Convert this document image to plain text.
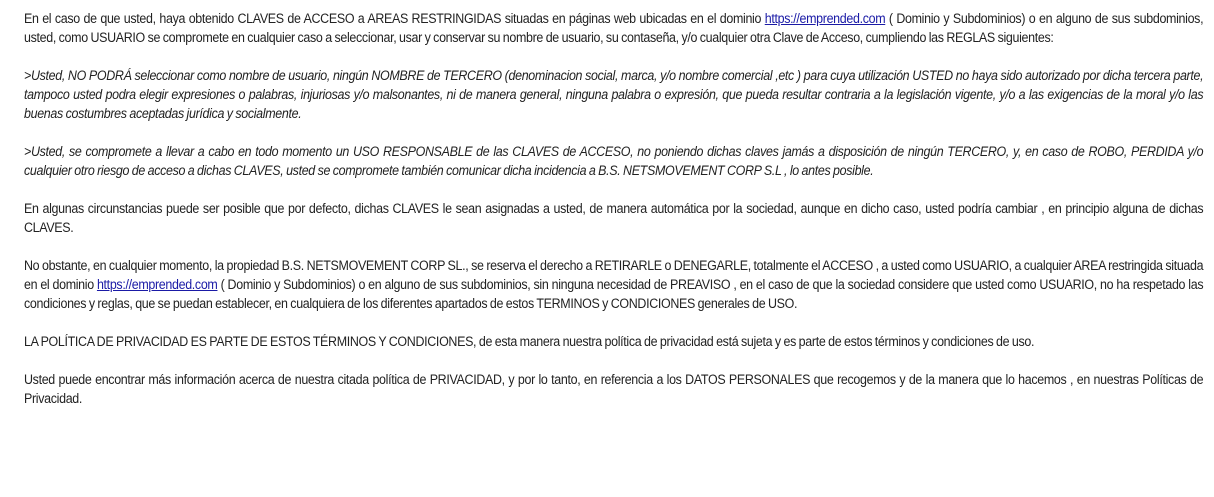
En el caso de que usted, haya obtenido CLAVES de ACCESO a AREAS RESTRINGIDAS situadas en páginas web ubicadas en el dominio https://emprended.com ( Dominio y Subdominios) o en alguno de sus subdominios, usted, como USUARIO se compromete en cualquier caso a seleccionar, usar y conservar su nombre de usuario, su contaseña, y/o cualquier otra Clave de Acceso, cumpliendo las REGLAS siguientes:

>Usted, NO PODRÁ seleccionar como nombre de usuario, ningún NOMBRE de TERCERO (denominacion social, marca, y/o nombre comercial ,etc ) para cuya utilización USTED no haya sido autorizado por dicha tercera parte, tampoco usted podra elegir expresiones o palabras, injuriosas y/o malsonantes, ni de manera general, ninguna palabra o expresión, que pueda resultar contraria a la legislación vigente, y/o a las exigencias de la moral y/o las buenas costumbres aceptadas jurídica y socialmente.

>Usted, se compromete a llevar a cabo en todo momento un USO RESPONSABLE de las CLAVES de ACCESO, no poniendo dichas claves jamás a disposición de ningún TERCERO, y, en caso de ROBO, PERDIDA y/o cualquier otro riesgo de acceso a dichas CLAVES, usted se compromete también comunicar dicha incidencia a B.S. NETSMOVEMENT CORP S.L , lo antes posible.

En algunas circunstancias puede ser posible que por defecto, dichas CLAVES le sean asignadas a usted, de manera automática por la sociedad, aunque en dicho caso, usted podría cambiar , en principio alguna de dichas CLAVES.

No obstante, en cualquier momento, la propiedad B.S. NETSMOVEMENT CORP SL., se reserva el derecho a RETIRARLE o DENEGARLE, totalmente el ACCESO , a usted como USUARIO, a cualquier AREA restringida situada en el dominio https://emprended.com ( Dominio y Subdominios) o en alguno de sus subdominios, sin ninguna necesidad de PREAVISO , en el caso de que la sociedad considere que usted como USUARIO, no ha respetado las condiciones y reglas, que se puedan establecer, en cualquiera de los diferentes apartados de estos TERMINOS y CONDICIONES generales de USO.

LA POLÍTICA DE PRIVACIDAD ES PARTE DE ESTOS TÉRMINOS Y CONDICIONES, de esta manera nuestra política de privacidad está sujeta y es parte de estos términos y condiciones de uso.

Usted puede encontrar más información acerca de nuestra citada política de PRIVACIDAD, y por lo tanto, en referencia a los DATOS PERSONALES que recogemos y de la manera que lo hacemos , en nuestras Políticas de Privacidad.
